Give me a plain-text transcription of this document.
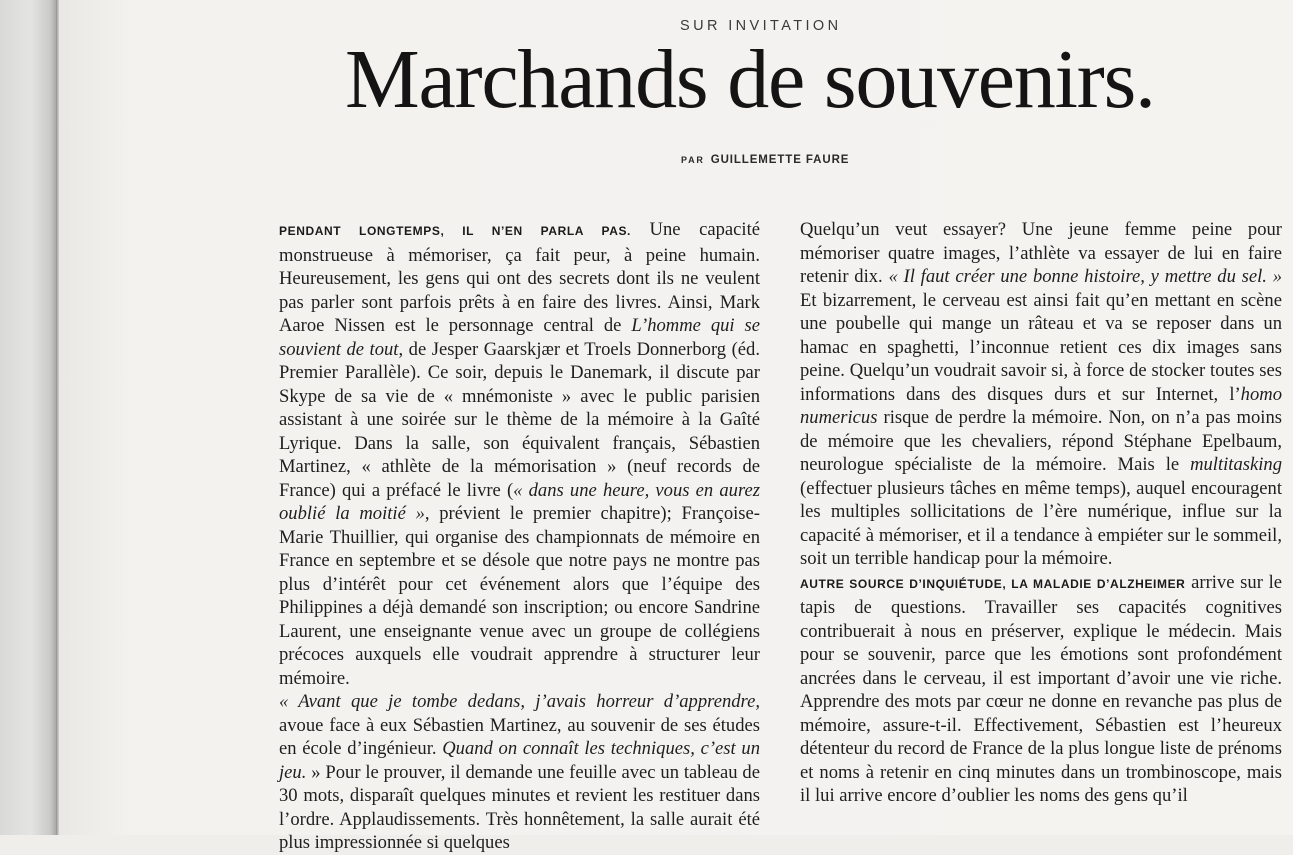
SUR INVITATION
Marchands de souvenirs.
PAR GUILLEMETTE FAURE

PENDANT LONGTEMPS, IL N’EN PARLA PAS. Une capacité monstrueuse à mémoriser, ça fait peur, à peine humain. Heureusement, les gens qui ont des secrets dont ils ne veulent pas parler sont parfois prêts à en faire des livres. Ainsi, Mark Aaroe Nissen est le personnage central de L’homme qui se souvient de tout, de Jesper Gaarskjær et Troels Donnerborg (éd. Premier Parallèle). Ce soir, depuis le Danemark, il discute par Skype de sa vie de « mnémoniste » avec le public parisien assistant à une soirée sur le thème de la mémoire à la Gaîté Lyrique. Dans la salle, son équivalent français, Sébastien Martinez, « athlète de la mémorisation » (neuf records de France) qui a préfacé le livre (« dans une heure, vous en aurez oublié la moitié », prévient le premier chapitre); Françoise-Marie Thuillier, qui organise des championnats de mémoire en France en septembre et se désole que notre pays ne montre pas plus d’intérêt pour cet événement alors que l’équipe des Philippines a déjà demandé son inscription; ou encore Sandrine Laurent, une enseignante venue avec un groupe de collégiens précoces auxquels elle voudrait apprendre à structurer leur mémoire.

« Avant que je tombe dedans, j’avais horreur d’apprendre, avoue face à eux Sébastien Martinez, au souvenir de ses études en école d’ingénieur. Quand on connaît les techniques, c’est un jeu. » Pour le prouver, il demande une feuille avec un tableau de 30 mots, disparaît quelques minutes et revient les restituer dans l’ordre. Applaudissements. Très honnêtement, la salle aurait été plus impressionnée si quelques

Quelqu’un veut essayer? Une jeune femme peine pour mémoriser quatre images, l’athlète va essayer de lui en faire retenir dix. « Il faut créer une bonne histoire, y mettre du sel. » Et bizarrement, le cerveau est ainsi fait qu’en mettant en scène une poubelle qui mange un râteau et va se reposer dans un hamac en spaghetti, l’inconnue retient ces dix images sans peine. Quelqu’un voudrait savoir si, à force de stocker toutes ses informations dans des disques durs et sur Internet, l’homo numericus risque de perdre la mémoire. Non, on n’a pas moins de mémoire que les chevaliers, répond Stéphane Epelbaum, neurologue spécialiste de la mémoire. Mais le multitasking (effectuer plusieurs tâches en même temps), auquel encouragent les multiples sollicitations de l’ère numérique, influe sur la capacité à mémoriser, et il a tendance à empiéter sur le sommeil, soit un terrible handicap pour la mémoire.

AUTRE SOURCE D’INQUIÉTUDE, LA MALADIE D’ALZHEIMER arrive sur le tapis de questions. Travailler ses capacités cognitives contribuerait à nous en préserver, explique le médecin. Mais pour se souvenir, parce que les émotions sont profondément ancrées dans le cerveau, il est important d’avoir une vie riche. Apprendre des mots par cœur ne donne en revanche pas plus de mémoire, assure-t-il. Effectivement, Sébastien est l’heureux détenteur du record de France de la plus longue liste de prénoms et noms à retenir en cinq minutes dans un trombinoscope, mais il lui arrive encore d’oublier les noms des gens qu’il
